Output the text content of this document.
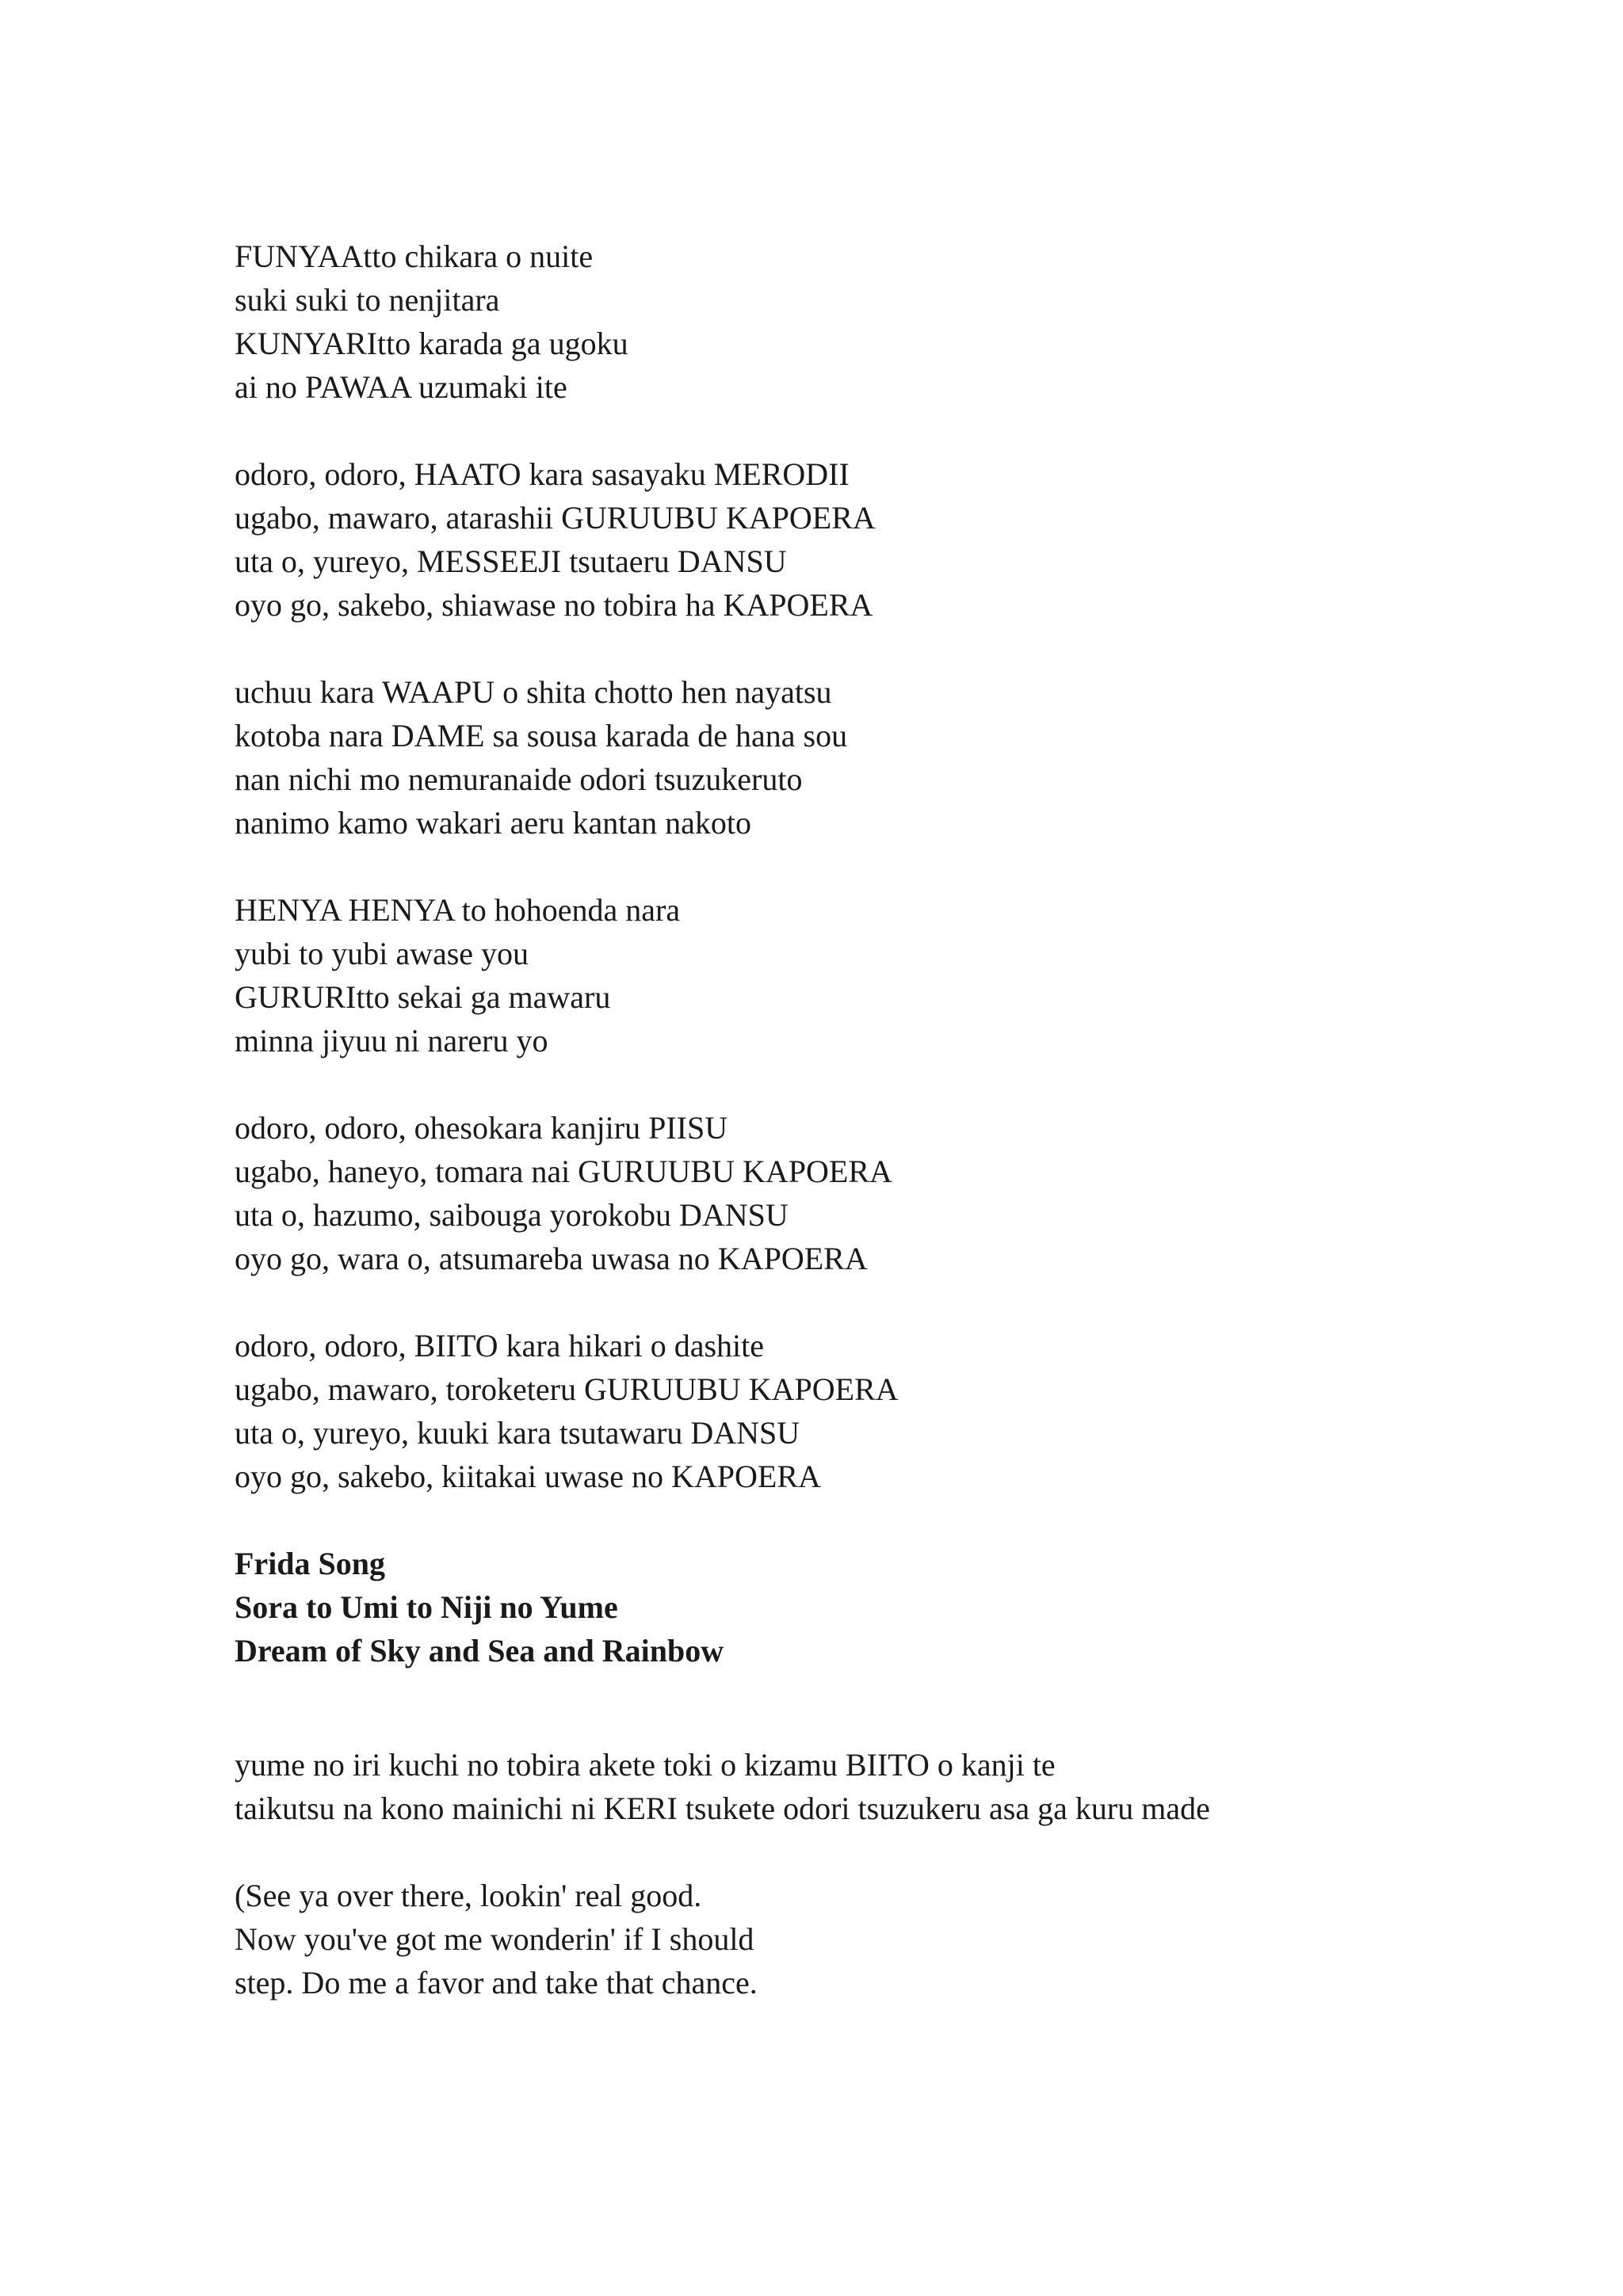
FUNYAAtto chikara o nuite
suki suki to nenjitara
KUNYARItto karada ga ugoku
ai no PAWAA uzumaki ite
odoro, odoro, HAATO kara sasayaku MERODII
ugabo, mawaro, atarashii GURUUBU KAPOERA
uta o, yureyo, MESSEEJI tsutaeru DANSU
oyo go, sakebo, shiawase no tobira ha KAPOERA
uchuu kara WAAPU o shita chotto hen nayatsu
kotoba nara DAME sa sousa karada de hana sou
nan nichi mo nemuranaide odori tsuzukeruto
nanimo kamo wakari aeru kantan nakoto
HENYA HENYA to hohoenda nara
yubi to yubi awase you
GURURItto sekai ga mawaru
minna jiyuu ni nareru yo
odoro, odoro, ohesokara kanjiru PIISU
ugabo, haneyo, tomara nai GURUUBU KAPOERA
uta o, hazumo, saibouga yorokobu DANSU
oyo go, wara o, atsumareba uwasa no KAPOERA
odoro, odoro, BIITO kara hikari o dashite
ugabo, mawaro, toroketeru GURUUBU KAPOERA
uta o, yureyo, kuuki kara tsutawaru DANSU
oyo go, sakebo, kiitakai uwase no KAPOERA
Frida Song
Sora to Umi to Niji no Yume
Dream of Sky and Sea and Rainbow
yume no iri kuchi no tobira akete toki o kizamu BIITO o kanji te
taikutsu na kono mainichi ni KERI tsukete odori tsuzukeru asa ga kuru made
(See ya over there, lookin' real good.
Now you've got me wonderin' if I should
step. Do me a favor and take that chance.
